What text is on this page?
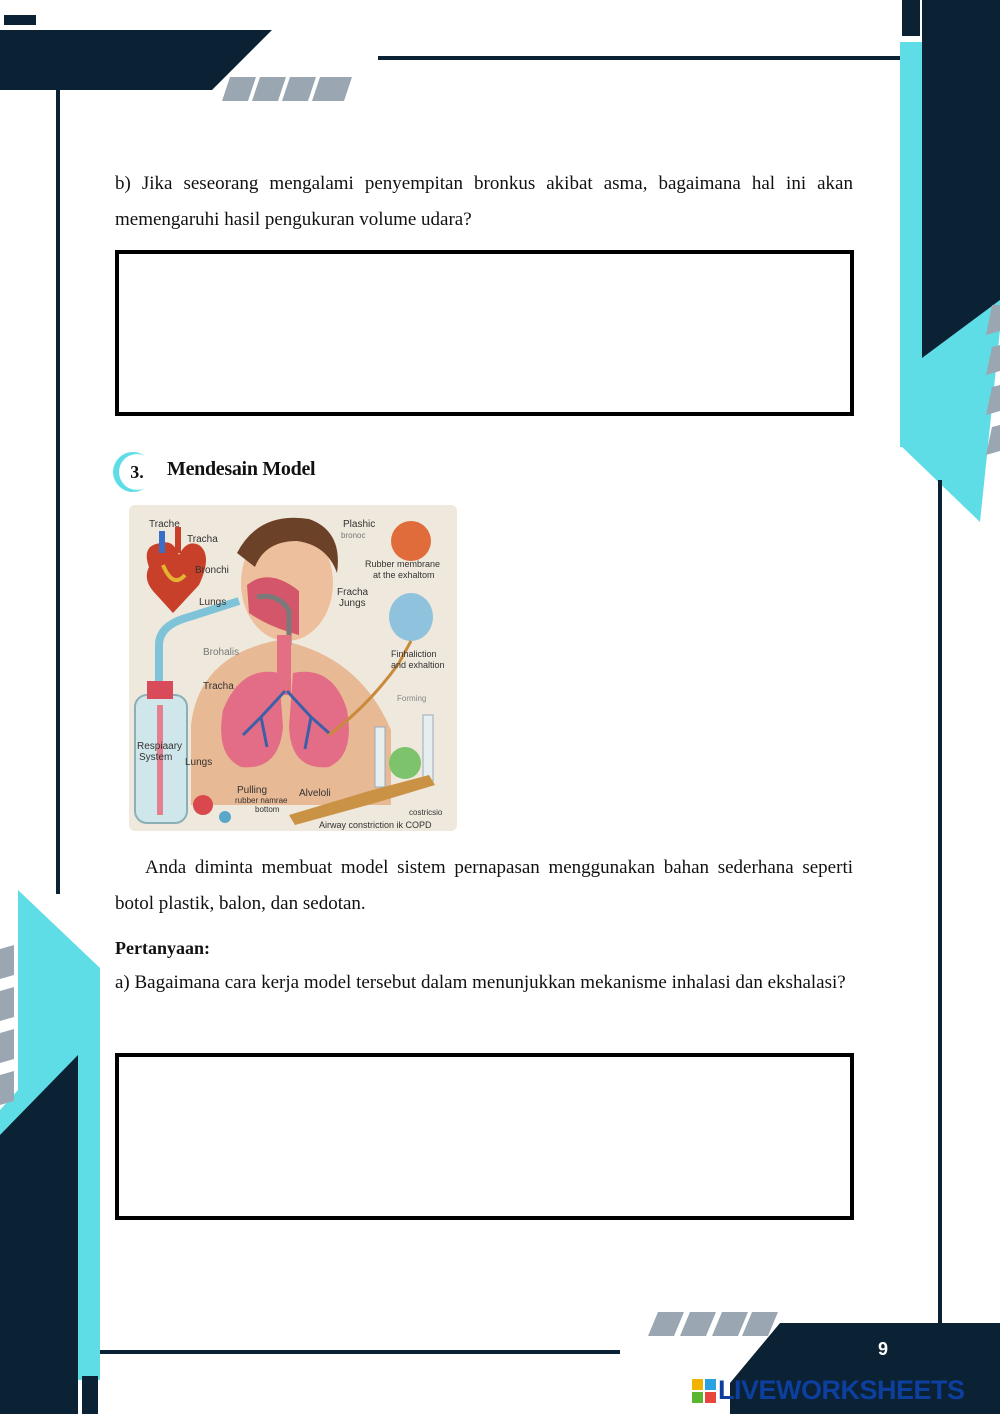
b) Jika seseorang mengalami penyempitan bronkus akibat asma, bagaimana hal ini akan memengaruhi hasil pengukuran volume udara?

3.	Mendesain Model
Trache
Tracha
Bronchi
Lungs
Brohalis
Tracha
Respiaary
System Lungs
Pulling
rubber namrae
bottom
Alveloli
Plashic
bronoc
Rubber membrane
at the exhaltom
Fracha
Jungs
Finhaliction
and exhaltion
Forming
costricsio
Airway constriction ik COPD

Anda diminta membuat model sistem pernapasan menggunakan bahan sederhana seperti botol plastik, balon, dan sedotan.

Pertanyaan:

a) Bagaimana cara kerja model tersebut dalam menunjukkan mekanisme inhalasi dan ekshalasi?

9
LIVEWORKSHEETS
